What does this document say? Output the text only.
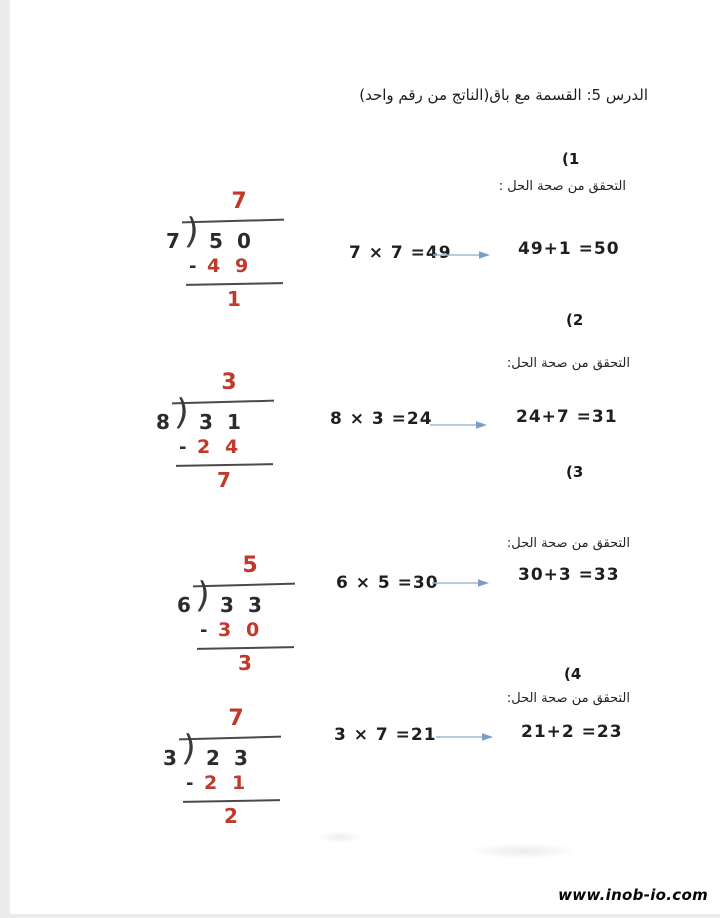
الدرس 5: القسمة مع باق(الناتج من رقم واحد)
(1
التحقق من صحة الحل :
7
7 ) 5 0
- 4 9
1
7 × 7 =49	49+1 =50
(2
التحقق من صحة الحل:
3
8 ) 3 1
- 2 4
7
8 × 3 =24	24+7 =31
(3
التحقق من صحة الحل:
5
6 ) 3 3
- 3 0
3
6 × 5 =30	30+3 =33
(4
التحقق من صحة الحل:
7
3 ) 2 3
- 2 1
2
3 × 7 =21	21+2 =23
www.inob-io.com
